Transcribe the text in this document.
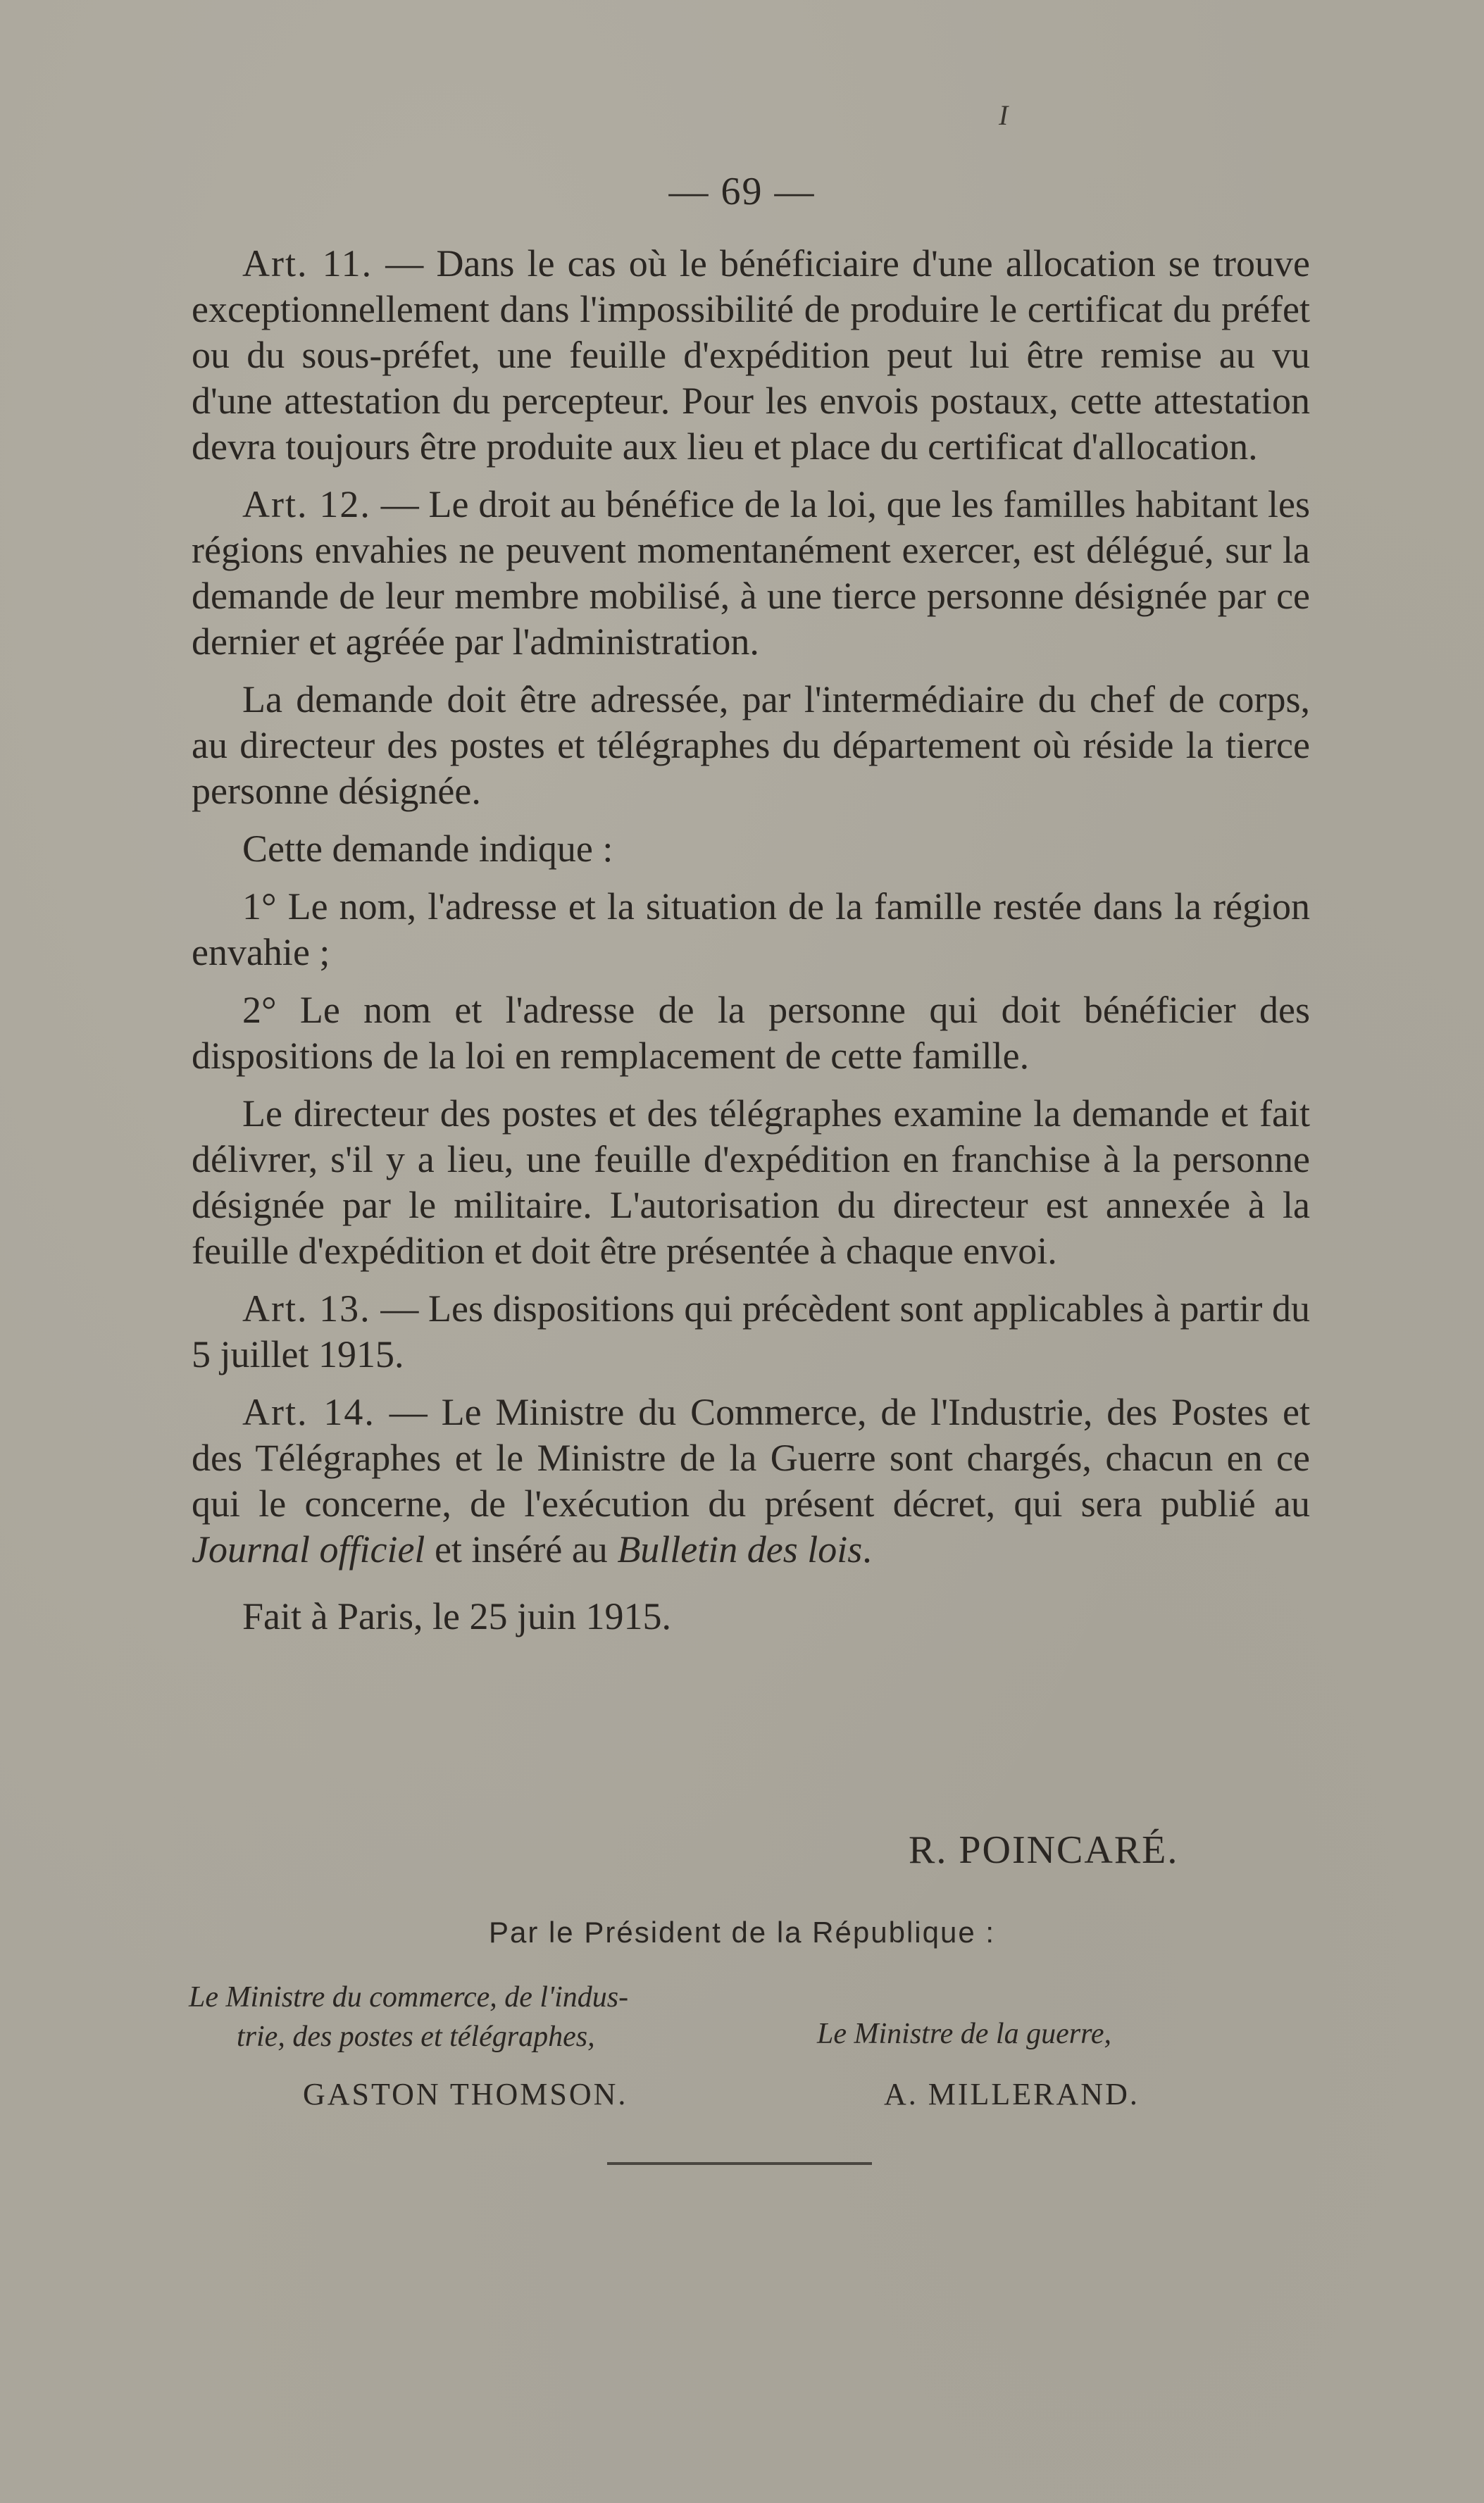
I
— 69 —

Art. 11. — Dans le cas où le bénéficiaire d'une allocation se trouve exceptionnellement dans l'impossibilité de produire le certificat du préfet ou du sous-préfet, une feuille d'expédition peut lui être remise au vu d'une attestation du percepteur. Pour les envois postaux, cette attestation devra toujours être produite aux lieu et place du certificat d'allocation.

Art. 12. — Le droit au bénéfice de la loi, que les familles habitant les régions envahies ne peuvent momentanément exercer, est délégué, sur la demande de leur membre mobilisé, à une tierce personne désignée par ce dernier et agréée par l'administration.

La demande doit être adressée, par l'intermédiaire du chef de corps, au directeur des postes et télégraphes du département où réside la tierce personne désignée.

Cette demande indique :

1° Le nom, l'adresse et la situation de la famille restée dans la région envahie ;

2° Le nom et l'adresse de la personne qui doit bénéficier des dispositions de la loi en remplacement de cette famille.

Le directeur des postes et des télégraphes examine la demande et fait délivrer, s'il y a lieu, une feuille d'expédition en franchise à la personne désignée par le militaire. L'autorisation du directeur est annexée à la feuille d'expédition et doit être présentée à chaque envoi.

Art. 13. — Les dispositions qui précèdent sont applicables à partir du 5 juillet 1915.

Art. 14. — Le Ministre du Commerce, de l'Industrie, des Postes et des Télégraphes et le Ministre de la Guerre sont chargés, chacun en ce qui le concerne, de l'exécution du présent décret, qui sera publié au Journal officiel et inséré au Bulletin des lois.

Fait à Paris, le 25 juin 1915.

R. POINCARÉ.
Par le Président de la République :
Le Ministre du commerce, de l'indus-
trie, des postes et télégraphes,	Le Ministre de la guerre,
GASTON THOMSON.	A. MILLERAND.
